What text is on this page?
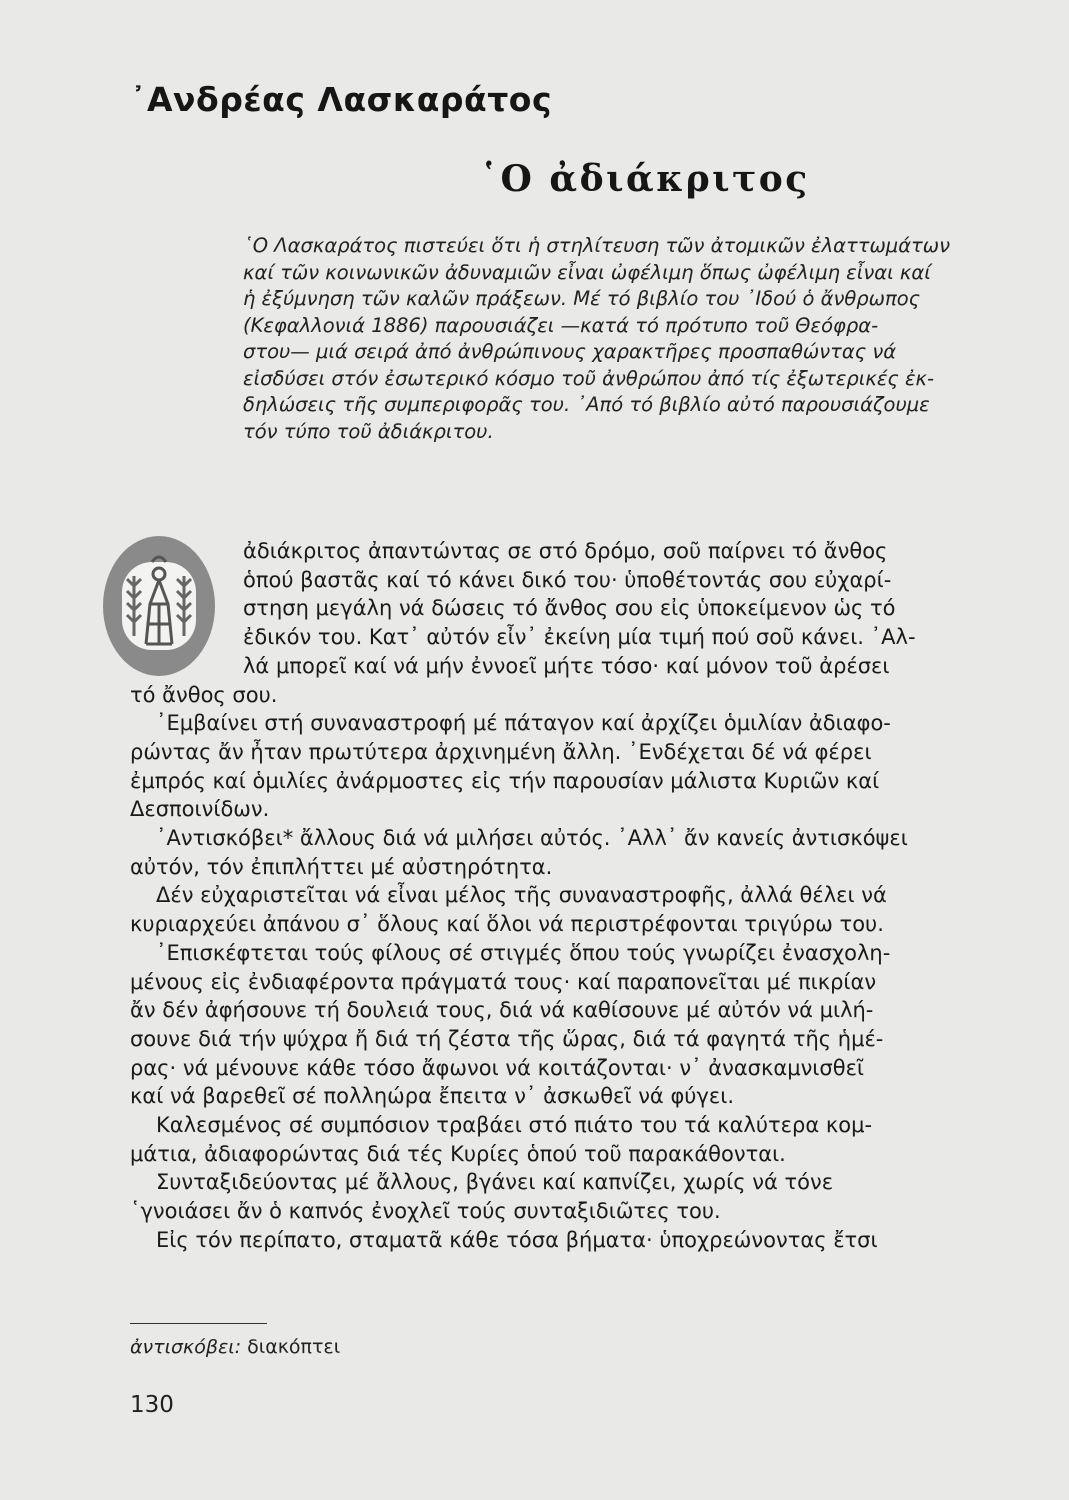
᾿Ανδρέας Λασκαράτος
῾Ο ἀδιάκριτος
῾Ο Λασκαράτος πιστεύει ὅτι ἡ στηλίτευση τῶν ἀτομικῶν ἐλαττωμάτων
καί τῶν κοινωνικῶν ἀδυναμιῶν εἶναι ὠφέλιμη ὅπως ὠφέλιμη εἶναι καί
ἡ ἐξύμνηση τῶν καλῶν πράξεων. Μέ τό βιβλίο του ᾿Ιδού ὁ ἄνθρωπος
(Κεφαλλονιά 1886) παρουσιάζει —κατά τό πρότυπο τοῦ Θεόφρα-
στου— μιά σειρά ἀπό ἀνθρώπινους χαρακτῆρες προσπαθώντας νά
εἰσδύσει στόν ἐσωτερικό κόσμο τοῦ ἀνθρώπου ἀπό τίς ἐξωτερικές ἐκ-
δηλώσεις τῆς συμπεριφορᾶς του. ᾿Από τό βιβλίο αὐτό παρουσιάζουμε
τόν τύπο τοῦ ἀδιάκριτου.
ἀδιάκριτος ἀπαντώντας σε στό δρόμο, σοῦ παίρνει τό ἄνθος
ὁπού βαστᾶς καί τό κάνει δικό του· ὑποθέτοντάς σου εὐχαρί-
στηση μεγάλη νά δώσεις τό ἄνθος σου εἰς ὑποκείμενον ὡς τό
ἐδικόν του. Κατ᾿ αὐτόν εἶν᾿ ἐκείνη μία τιμή πού σοῦ κάνει. ᾿Αλ-
λά μπορεῖ καί νά μήν ἐννοεῖ μήτε τόσο· καί μόνον τοῦ ἀρέσει
τό ἄνθος σου.
᾿Εμβαίνει στή συναναστροφή μέ πάταγον καί ἀρχίζει ὁμιλίαν ἀδιαφο-
ρώντας ἄν ἦταν πρωτύτερα ἀρχινημένη ἄλλη. ᾿Ενδέχεται δέ νά φέρει
ἐμπρός καί ὁμιλίες ἀνάρμοστες εἰς τήν παρουσίαν μάλιστα Κυριῶν καί
Δεσποινίδων.
᾿Αντισκόβει* ἄλλους διά νά μιλήσει αὐτός. ᾿Αλλ᾿ ἄν κανείς ἀντισκόψει
αὐτόν, τόν ἐπιπλήττει μέ αὐστηρότητα.
Δέν εὐχαριστεῖται νά εἶναι μέλος τῆς συναναστροφῆς, ἀλλά θέλει νά
κυριαρχεύει ἀπάνου σ᾿ ὅλους καί ὅλοι νά περιστρέφονται τριγύρω του.
᾿Επισκέφτεται τούς φίλους σέ στιγμές ὅπου τούς γνωρίζει ἐνασχολη-
μένους εἰς ἐνδιαφέροντα πράγματά τους· καί παραπονεῖται μέ πικρίαν
ἄν δέν ἀφήσουνε τή δουλειά τους, διά νά καθίσουνε μέ αὐτόν νά μιλή-
σουνε διά τήν ψύχρα ἤ διά τή ζέστα τῆς ὥρας, διά τά φαγητά τῆς ἡμέ-
ρας· νά μένουνε κάθε τόσο ἄφωνοι νά κοιτάζονται· ν᾿ ἀνασκαμνισθεῖ
καί νά βαρεθεῖ σέ πολληώρα ἔπειτα ν᾿ ἀσκωθεῖ νά φύγει.
Καλεσμένος σέ συμπόσιον τραβάει στό πιάτο του τά καλύτερα κομ-
μάτια, ἀδιαφορώντας διά τές Κυρίες ὁπού τοῦ παρακάθονται.
Συνταξιδεύοντας μέ ἄλλους, βγάνει καί καπνίζει, χωρίς νά τόνε
῾γνοιάσει ἄν ὁ καπνός ἐνοχλεῖ τούς συνταξιδιῶτες του.
Εἰς τόν περίπατο, σταματᾶ κάθε τόσα βήματα· ὑποχρεώνοντας ἔτσι
ἀντισκόβει: διακόπτει
130
